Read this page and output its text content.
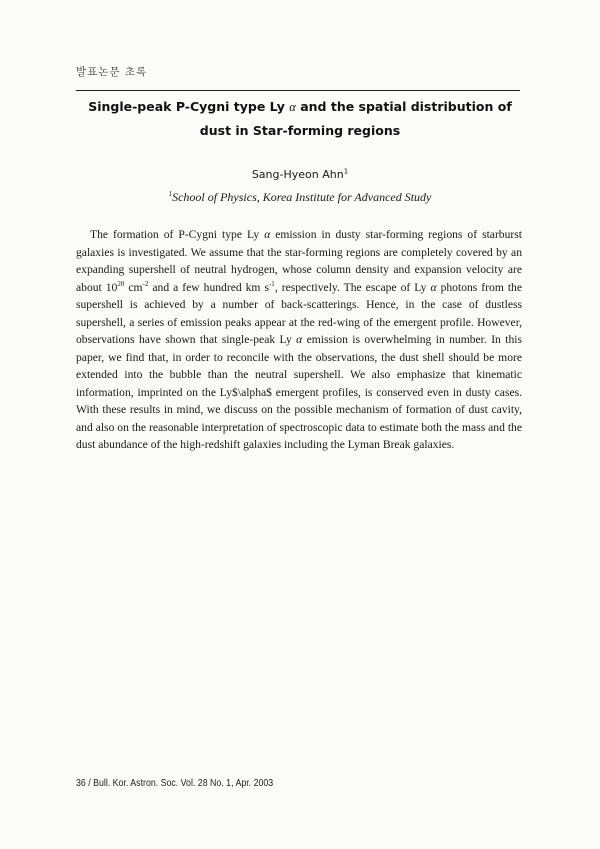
발표논문 초록
Single-peak P-Cygni type Ly α and the spatial distribution of
dust in Star-forming regions
Sang-Hyeon Ahn$^1$
$^1$School of Physics, Korea Institute for Advanced Study
The formation of P-Cygni type Ly α emission in dusty star-forming regions of starburst galaxies is investigated. We assume that the star-forming regions are completely covered by an expanding supershell of neutral hydrogen, whose column density and expansion velocity are about $10^{20}$ $cm^{-2}$ and a few hundred km $s^{-1}$, respectively. The escape of Ly α photons from the supershell is achieved by a number of back-scatterings. Hence, in the case of dustless supershell, a series of emission peaks appear at the red-wing of the emergent profile. However, observations have shown that single-peak Ly α emission is overwhelming in number. In this paper, we find that, in order to reconcile with the observations, the dust shell should be more extended into the bubble than the neutral supershell. We also emphasize that kinematic information, imprinted on the Ly$\alpha$ emergent profiles, is conserved even in dusty cases. With these results in mind, we discuss on the possible mechanism of formation of dust cavity, and also on the reasonable interpretation of spectroscopic data to estimate both the mass and the dust abundance of the high-redshift galaxies including the Lyman Break galaxies.
36 / Bull. Kor. Astron. Soc. Vol. 28 No. 1, Apr. 2003
